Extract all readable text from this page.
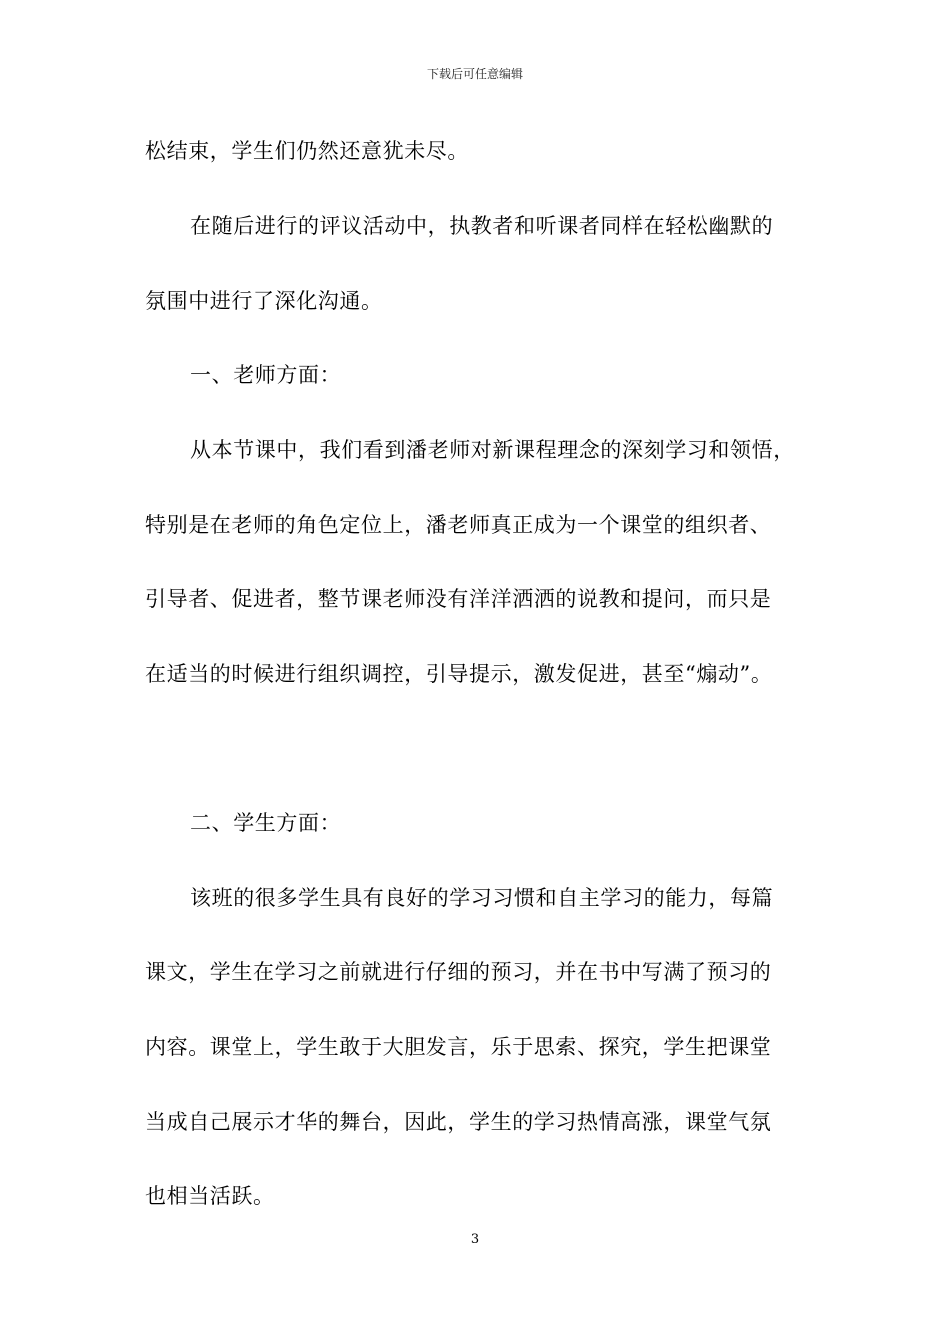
下载后可任意编辑
松结束，学生们仍然还意犹未尽。
在随后进行的评议活动中，执教者和听课者同样在轻松幽默的
氛围中进行了深化沟通。
一、老师方面：
从本节课中，我们看到潘老师对新课程理念的深刻学习和领悟，
特别是在老师的角色定位上，潘老师真正成为一个课堂的组织者、
引导者、促进者，整节课老师没有洋洋洒洒的说教和提问，而只是
在适当的时候进行组织调控，引导提示，激发促进，甚至“煽动”。
二、学生方面：
该班的很多学生具有良好的学习习惯和自主学习的能力，每篇
课文，学生在学习之前就进行仔细的预习，并在书中写满了预习的
内容。课堂上，学生敢于大胆发言，乐于思索、探究，学生把课堂
当成自己展示才华的舞台，因此，学生的学习热情高涨，课堂气氛
也相当活跃。
3
